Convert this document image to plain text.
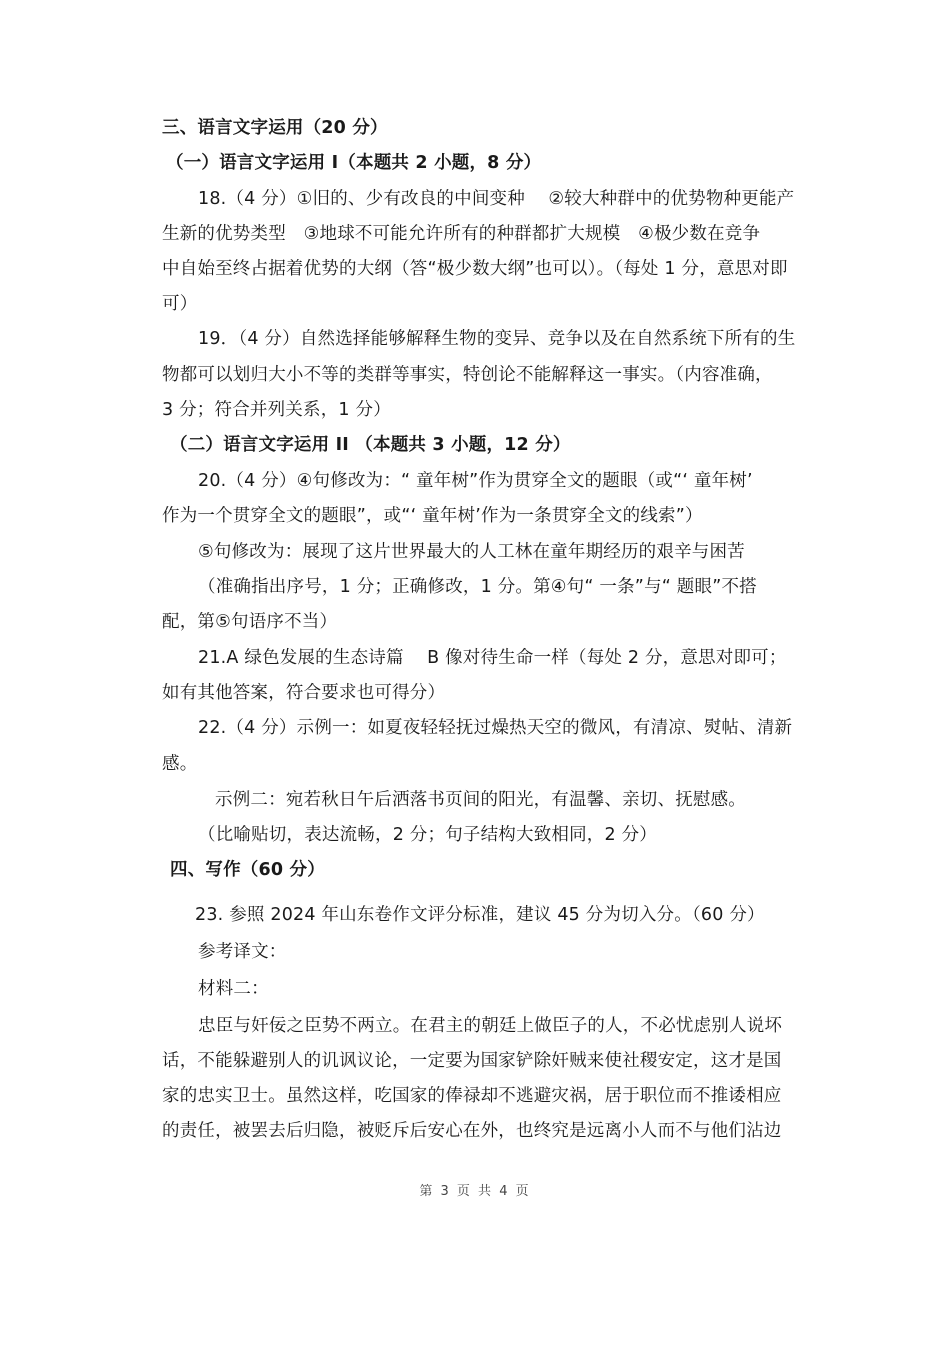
三、语言文字运用（20 分）
（一）语言文字运用 I（本题共 2 小题，8 分）
18.（4 分）①旧的、少有改良的中间变种　 ②较大种群中的优势物种更能产
生新的优势类型　③地球不可能允许所有的种群都扩大规模　④极少数在竞争
中自始至终占据着优势的大纲（答“极少数大纲”也可以）。（每处 1 分，意思对即
可）
19．（4 分）自然选择能够解释生物的变异、竞争以及在自然系统下所有的生
物都可以划归大小不等的类群等事实，特创论不能解释这一事实。（内容准确，
3 分；符合并列关系，1 分）
（二）语言文字运用 II （本题共 3 小题，12 分）
20.（4 分）④句修改为：“ 童年树”作为贯穿全文的题眼（或“‘ 童年树’
作为一个贯穿全文的题眼”，或“‘ 童年树’作为一条贯穿全文的线索”）
⑤句修改为：展现了这片世界最大的人工林在童年期经历的艰辛与困苦
（准确指出序号，1 分；正确修改，1 分。第④句“ 一条”与“ 题眼”不搭
配，第⑤句语序不当）
21.A 绿色发展的生态诗篇　 B 像对待生命一样（每处 2 分，意思对即可；
如有其他答案，符合要求也可得分）
22.（4 分）示例一：如夏夜轻轻抚过燥热天空的微风，有清凉、熨帖、清新
感。
示例二：宛若秋日午后洒落书页间的阳光，有温馨、亲切、抚慰感。
（比喻贴切，表达流畅，2 分；句子结构大致相同，2 分）
四、写作（60 分）
23. 参照 2024 年山东卷作文评分标准，建议 45 分为切入分。（60 分）
参考译文：
材料二：
忠臣与奸佞之臣势不两立。在君主的朝廷上做臣子的人，不必忧虑别人说坏
话，不能躲避别人的讥讽议论，一定要为国家铲除奸贼来使社稷安定，这才是国
家的忠实卫士。虽然这样，吃国家的俸禄却不逃避灾祸，居于职位而不推诿相应
的责任，被罢去后归隐，被贬斥后安心在外，也终究是远离小人而不与他们沾边
第 3 页 共 4 页
